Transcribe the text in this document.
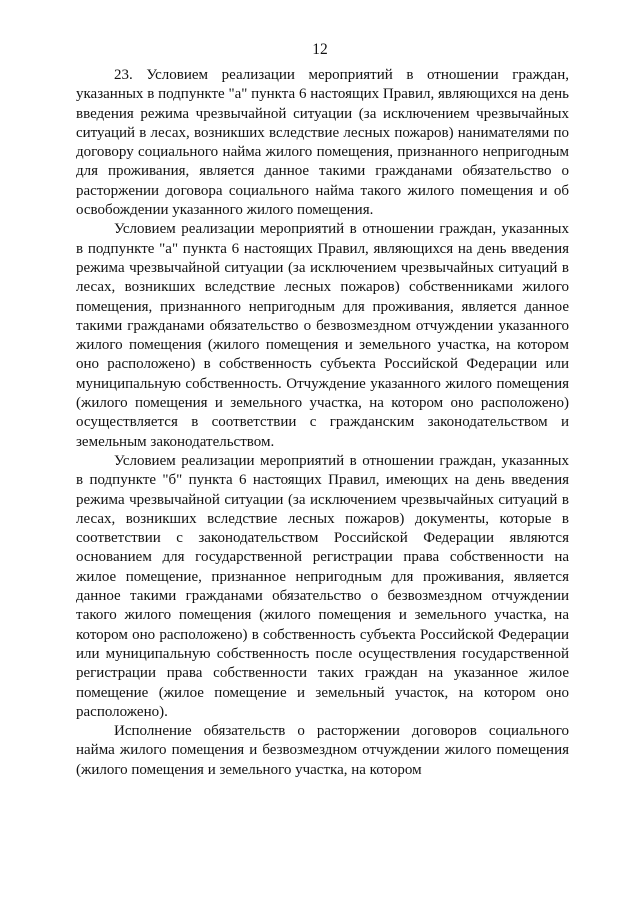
12

23. Условием реализации мероприятий в отношении граждан, указанных в подпункте "а" пункта 6 настоящих Правил, являющихся на день введения режима чрезвычайной ситуации (за исключением чрезвычайных ситуаций в лесах, возникших вследствие лесных пожаров) нанимателями по договору социального найма жилого помещения, признанного непригодным для проживания, является данное такими гражданами обязательство о расторжении договора социального найма такого жилого помещения и об освобождении указанного жилого помещения.

Условием реализации мероприятий в отношении граждан, указанных в подпункте "а" пункта 6 настоящих Правил, являющихся на день введения режима чрезвычайной ситуации (за исключением чрезвычайных ситуаций в лесах, возникших вследствие лесных пожаров) собственниками жилого помещения, признанного непригодным для проживания, является данное такими гражданами обязательство о безвозмездном отчуждении указанного жилого помещения (жилого помещения и земельного участка, на котором оно расположено) в собственность субъекта Российской Федерации или муниципальную собственность. Отчуждение указанного жилого помещения (жилого помещения и земельного участка, на котором оно расположено) осуществляется в соответствии с гражданским законодательством и земельным законодательством.

Условием реализации мероприятий в отношении граждан, указанных в подпункте "б" пункта 6 настоящих Правил, имеющих на день введения режима чрезвычайной ситуации (за исключением чрезвычайных ситуаций в лесах, возникших вследствие лесных пожаров) документы, которые в соответствии с законодательством Российской Федерации являются основанием для государственной регистрации права собственности на жилое помещение, признанное непригодным для проживания, является данное такими гражданами обязательство о безвозмездном отчуждении такого жилого помещения (жилого помещения и земельного участка, на котором оно расположено) в собственность субъекта Российской Федерации или муниципальную собственность после осуществления государственной регистрации права собственности таких граждан на указанное жилое помещение (жилое помещение и земельный участок, на котором оно расположено).

Исполнение обязательств о расторжении договоров социального найма жилого помещения и безвозмездном отчуждении жилого помещения (жилого помещения и земельного участка, на котором
